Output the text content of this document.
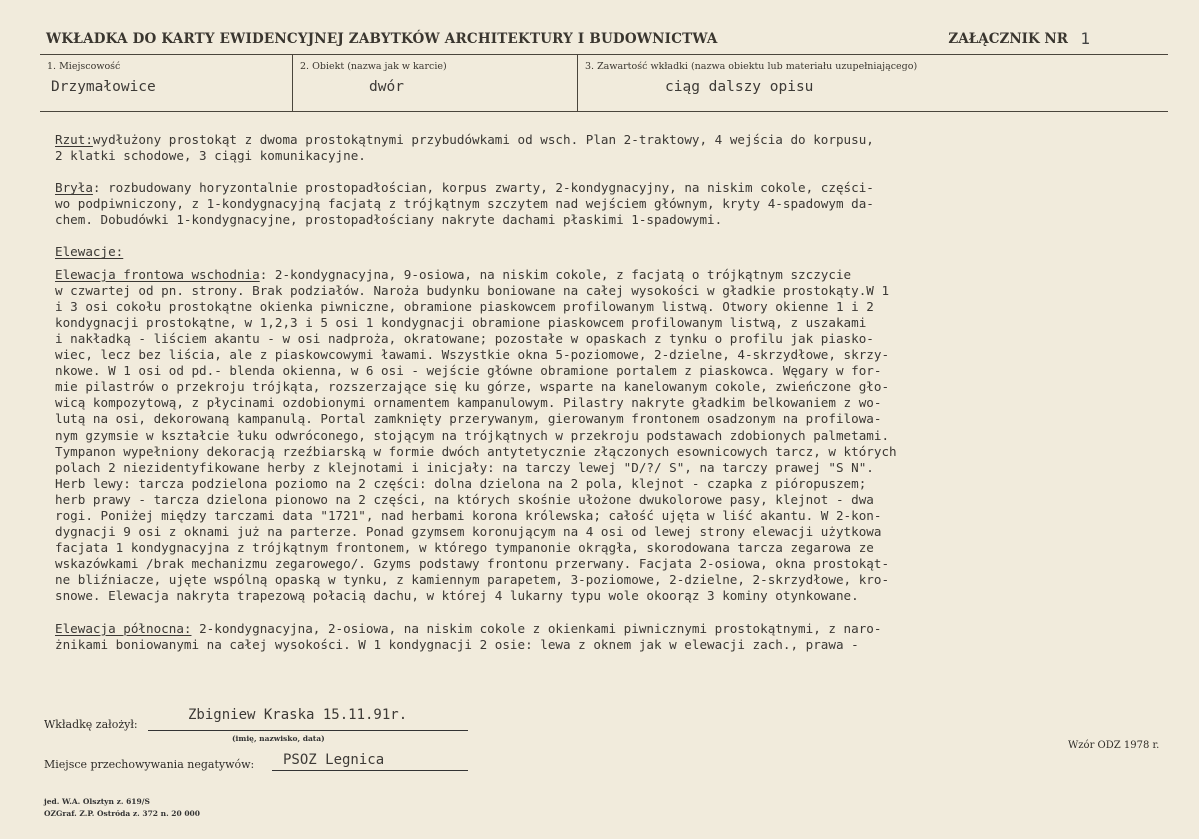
WKŁADKA DO KARTY EWIDENCYJNEJ ZABYTKÓW ARCHITEKTURY I BUDOWNICTWA	ZAŁĄCZNIK NR 1
1. Miejscowość
Drzymałowice
2. Obiekt (nazwa jak w karcie)
dwór
3. Zawartość wkładki (nazwa obiektu lub materiału uzupełniającego)
ciąg dalszy opisu
Rzut:wydłużony prostokąt z dwoma prostokątnymi przybudówkami od wsch. Plan 2-traktowy, 4 wejścia do korpusu,
2 klatki schodowe, 3 ciągi komunikacyjne.
Bryła: rozbudowany horyzontalnie prostopadłościan, korpus zwarty, 2-kondygnacyjny, na niskim cokole, części-
wo podpiwniczony, z 1-kondygnacyjną facjatą z trójkątnym szczytem nad wejściem głównym, kryty 4-spadowym da-
chem. Dobudówki 1-kondygnacyjne, prostopadłościany nakryte dachami płaskimi 1-spadowymi.
Elewacje:
Elewacja frontowa wschodnia: 2-kondygnacyjna, 9-osiowa, na niskim cokole, z facjatą o trójkątnym szczycie
w czwartej od pn. strony. Brak podziałów. Naroża budynku boniowane na całej wysokości w gładkie prostokąty.W 1
i 3 osi cokołu prostokątne okienka piwniczne, obramione piaskowcem profilowanym listwą. Otwory okienne 1 i 2
kondygnacji prostokątne, w 1,2,3 i 5 osi 1 kondygnacji obramione piaskowcem profilowanym listwą, z uszakami
i nakładką - liściem akantu - w osi nadproża, okratowane; pozostałe w opaskach z tynku o profilu jak piasko-
wiec, lecz bez liścia, ale z piaskowcowymi ławami. Wszystkie okna 5-poziomowe, 2-dzielne, 4-skrzydłowe, skrzy-
nkowe. W 1 osi od pd.- blenda okienna, w 6 osi - wejście główne obramione portalem z piaskowca. Węgary w for-
mie pilastrów o przekroju trójkąta, rozszerzające się ku górze, wsparte na kanelowanym cokole, zwieńczone gło-
wicą kompozytową, z płycinami ozdobionymi ornamentem kampanulowym. Pilastry nakryte gładkim belkowaniem z wo-
lutą na osi, dekorowaną kampanulą. Portal zamknięty przerywanym, gierowanym frontonem osadzonym na profilowa-
nym gzymsie w kształcie łuku odwróconego, stojącym na trójkątnych w przekroju podstawach zdobionych palmetami.
Tympanon wypełniony dekoracją rzeźbiarską w formie dwóch antytetycznie złączonych esownicowych tarcz, w których
polach 2 niezidentyfikowane herby z klejnotami i inicjały: na tarczy lewej "D/?/ S", na tarczy prawej "S N".
Herb lewy: tarcza podzielona poziomo na 2 części: dolna dzielona na 2 pola, klejnot - czapka z pióropuszem;
herb prawy - tarcza dzielona pionowo na 2 części, na których skośnie ułożone dwukolorowe pasy, klejnot - dwa
rogi. Poniżej między tarczami data "1721", nad herbami korona królewska; całość ujęta w liść akantu. W 2-kon-
dygnacji 9 osi z oknami już na parterze. Ponad gzymsem koronującym na 4 osi od lewej strony elewacji użytkowa
facjata 1 kondygnacyjna z trójkątnym frontonem, w którego tympanonie okrągła, skorodowana tarcza zegarowa ze
wskazówkami /brak mechanizmu zegarowego/. Gzyms podstawy frontonu przerwany. Facjata 2-osiowa, okna prostokąt-
ne bliźniacze, ujęte wspólną opaską w tynku, z kamiennym parapetem, 3-poziomowe, 2-dzielne, 2-skrzydłowe, kro-
snowe. Elewacja nakryta trapezową połacią dachu, w której 4 lukarny typu wole okoorąz 3 kominy otynkowane.
Elewacja północna: 2-kondygnacyjna, 2-osiowa, na niskim cokole z okienkami piwnicznymi prostokątnymi, z naro-
żnikami boniowanymi na całej wysokości. W 1 kondygnacji 2 osie: lewa z oknem jak w elewacji zach., prawa -
Wkładkę założył:
Zbigniew Kraska 15.11.91r.
(imię, nazwisko, data)
Miejsce przechowywania negatywów: PSOZ Legnica
Wzór ODZ 1978 r.
jed. W.A. Olsztyn z. 619/S
OZGraf. Z.P. Ostróda z. 372 n. 20 000
